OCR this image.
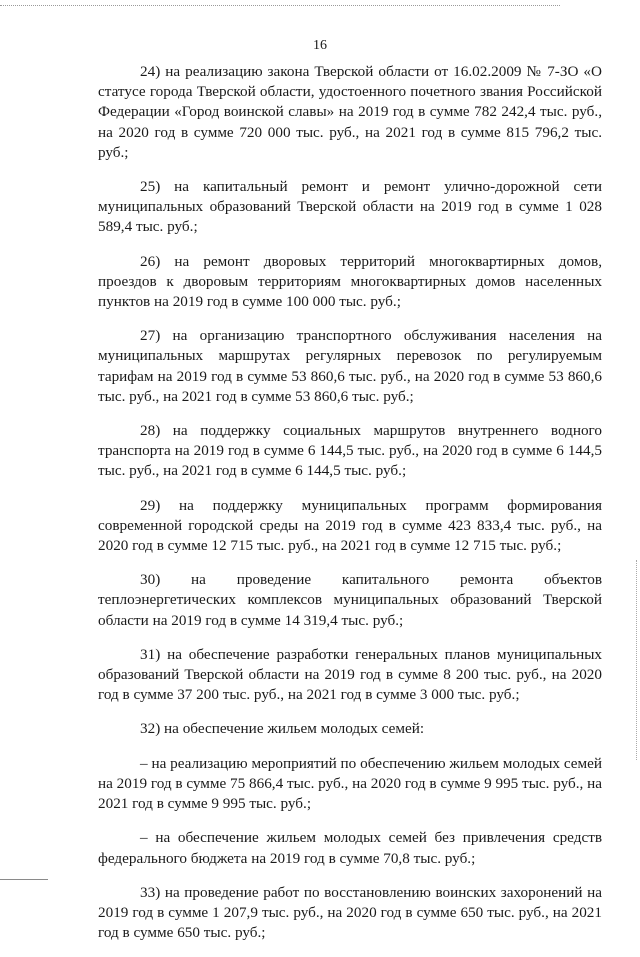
16

24) на реализацию закона Тверской области от 16.02.2009 № 7-ЗО «О статусе города Тверской области, удостоенного почетного звания Российской Федерации «Город воинской славы» на 2019 год в сумме 782 242,4 тыс. руб., на 2020 год в сумме 720 000 тыс. руб., на 2021 год в сумме 815 796,2 тыс. руб.;

25) на капитальный ремонт и ремонт улично-дорожной сети муниципальных образований Тверской области на 2019 год в сумме 1 028 589,4 тыс. руб.;

26) на ремонт дворовых территорий многоквартирных домов, проездов к дворовым территориям многоквартирных домов населенных пунктов на 2019 год в сумме 100 000 тыс. руб.;

27) на организацию транспортного обслуживания населения на муниципальных маршрутах регулярных перевозок по регулируемым тарифам на 2019 год в сумме 53 860,6 тыс. руб., на 2020 год в сумме 53 860,6 тыс. руб., на 2021 год в сумме 53 860,6 тыс. руб.;

28) на поддержку социальных маршрутов внутреннего водного транспорта на 2019 год в сумме 6 144,5 тыс. руб., на 2020 год в сумме 6 144,5 тыс. руб., на 2021 год в сумме 6 144,5 тыс. руб.;

29) на поддержку муниципальных программ формирования современной городской среды на 2019 год в сумме 423 833,4 тыс. руб., на 2020 год в сумме 12 715 тыс. руб., на 2021 год в сумме 12 715 тыс. руб.;

30) на проведение капитального ремонта объектов теплоэнергетических комплексов муниципальных образований Тверской области на 2019 год в сумме 14 319,4 тыс. руб.;

31) на обеспечение разработки генеральных планов муниципальных образований Тверской области на 2019 год в сумме 8 200 тыс. руб., на 2020 год в сумме 37 200 тыс. руб., на 2021 год в сумме 3 000 тыс. руб.;

32) на обеспечение жильем молодых семей:

– на реализацию мероприятий по обеспечению жильем молодых семей на 2019 год в сумме 75 866,4 тыс. руб., на 2020 год в сумме 9 995 тыс. руб., на 2021 год в сумме 9 995 тыс. руб.;

– на обеспечение жильем молодых семей без привлечения средств федерального бюджета на 2019 год в сумме 70,8 тыс. руб.;

33) на проведение работ по восстановлению воинских захоронений на 2019 год в сумме 1 207,9 тыс. руб., на 2020 год в сумме 650 тыс. руб., на 2021 год в сумме 650 тыс. руб.;
